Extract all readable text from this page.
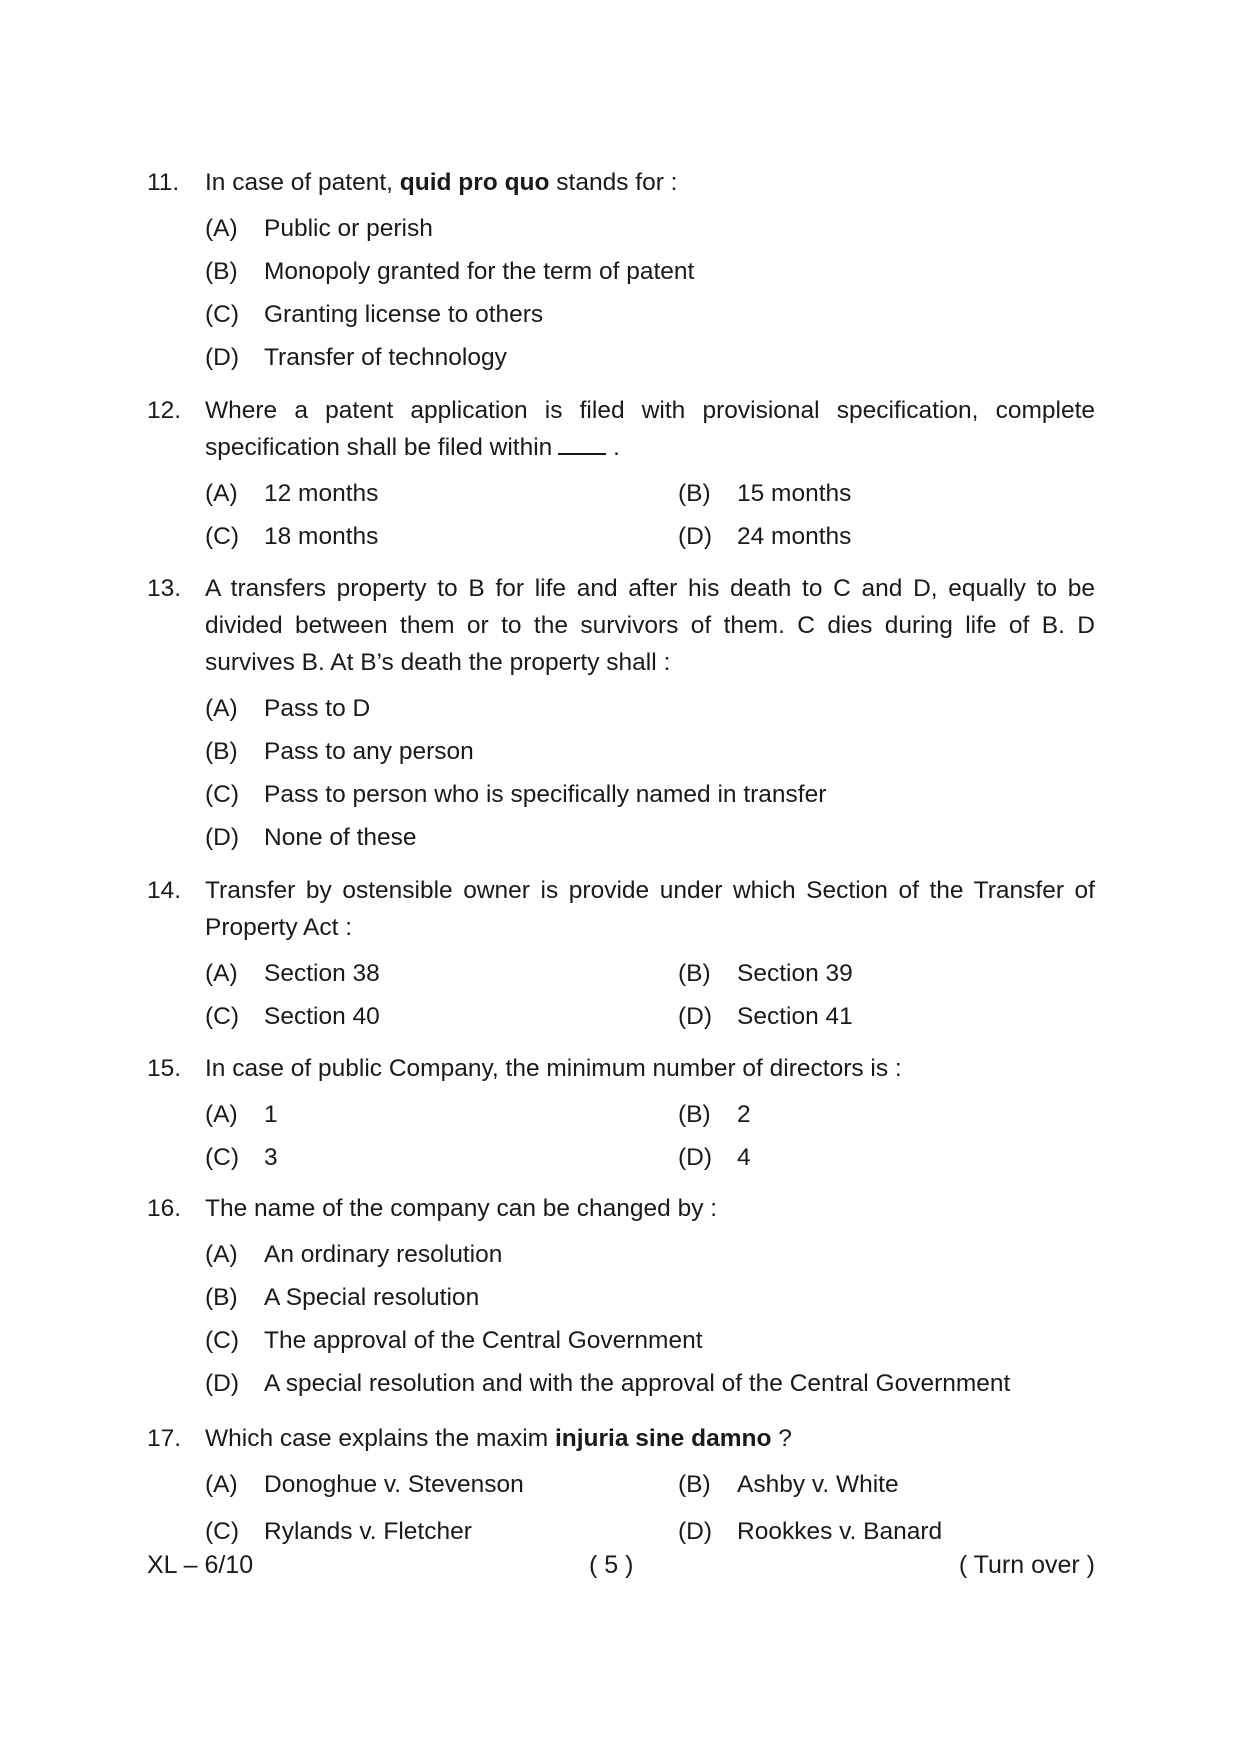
11.	In case of patent, quid pro quo stands for :
(A)	Public or perish
(B)	Monopoly granted for the term of patent
(C)	Granting license to others
(D)	Transfer of technology
12. Where a patent application is filed with provisional specification, complete specification shall be filed within .
(A)	12 months	(B)	15 months
(C)	18 months	(D)	24 months
13. A transfers property to B for life and after his death to C and D, equally to be divided between them or to the survivors of them. C dies during life of B. D survives B. At B’s death the property shall :
(A)	Pass to D
(B)	Pass to any person
(C)	Pass to person who is specifically named in transfer
(D)	None of these
14. Transfer by ostensible owner is provide under which Section of the Transfer of Property Act :
(A)	Section 38	(B)	Section 39
(C)	Section 40	(D)	Section 41
15. In case of public Company, the minimum number of directors is :
(A)	1	(B)	2
(C)	3	(D)	4
16. The name of the company can be changed by :
(A)	An ordinary resolution
(B)	A Special resolution
(C)	The approval of the Central Government
(D)	A special resolution and with the approval of the Central Government
17. Which case explains the maxim injuria sine damno ?
(A)	Donoghue v. Stevenson	(B)	Ashby v. White
(C)	Rylands v. Fletcher	(D)	Rookkes v. Banard
XL – 6/10	( 5 )	( Turn over )
